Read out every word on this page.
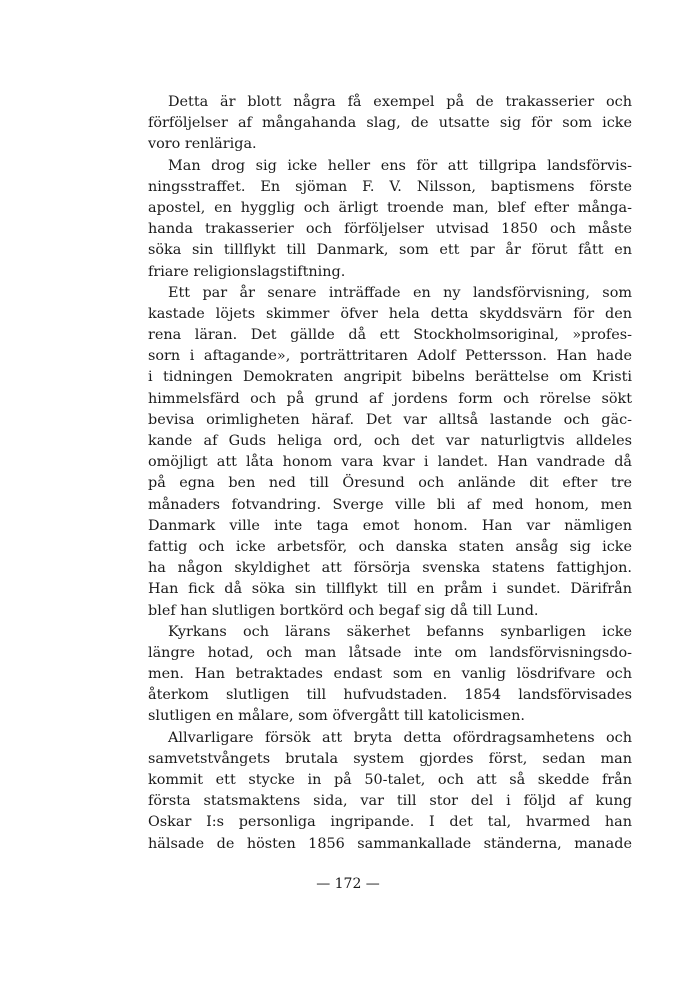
Detta är blott några få exempel på de trakasserier och
förföljelser af mångahanda slag, de utsatte sig för som icke
voro renläriga.
Man drog sig icke heller ens för att tillgripa landsförvis-
ningsstraffet. En sjöman F. V. Nilsson, baptismens förste
apostel, en hygglig och ärligt troende man, blef efter många-
handa trakasserier och förföljelser utvisad 1850 och måste
söka sin tillflykt till Danmark, som ett par år förut fått en
friare religionslagstiftning.
Ett par år senare inträffade en ny landsförvisning, som
kastade löjets skimmer öfver hela detta skyddsvärn för den
rena läran. Det gällde då ett Stockholmsoriginal, »profes-
sorn i aftagande», porträttritaren Adolf Pettersson. Han hade
i tidningen Demokraten angripit bibelns berättelse om Kristi
himmelsfärd och på grund af jordens form och rörelse sökt
bevisa orimligheten häraf. Det var alltså lastande och gäc-
kande af Guds heliga ord, och det var naturligtvis alldeles
omöjligt att låta honom vara kvar i landet. Han vandrade då
på egna ben ned till Öresund och anlände dit efter tre
månaders fotvandring. Sverge ville bli af med honom, men
Danmark ville inte taga emot honom. Han var nämligen
fattig och icke arbetsför, och danska staten ansåg sig icke
ha någon skyldighet att försörja svenska statens fattighjon.
Han fick då söka sin tillflykt till en pråm i sundet. Därifrån
blef han slutligen bortkörd och begaf sig då till Lund.
Kyrkans och lärans säkerhet befanns synbarligen icke
längre hotad, och man låtsade inte om landsförvisningsdo-
men. Han betraktades endast som en vanlig lösdrifvare och
återkom slutligen till hufvudstaden. 1854 landsförvisades
slutligen en målare, som öfvergått till katolicismen.
Allvarligare försök att bryta detta ofördragsamhetens och
samvetstvångets brutala system gjordes först, sedan man
kommit ett stycke in på 50-talet, och att så skedde från
första statsmaktens sida, var till stor del i följd af kung
Oskar I:s personliga ingripande. I det tal, hvarmed han
hälsade de hösten 1856 sammankallade ständerna, manade
— 172 —
